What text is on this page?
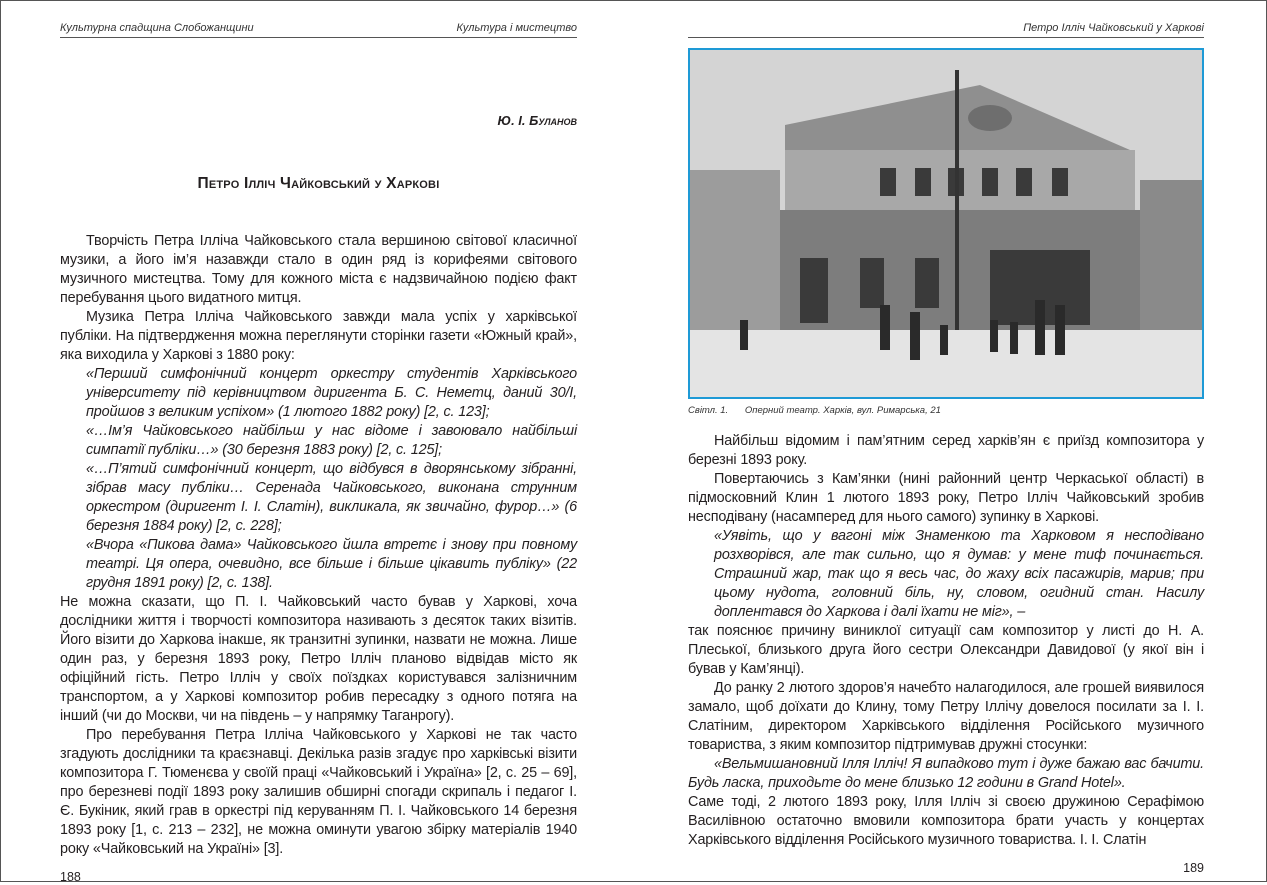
Культурна спадщина Слобожанщини	Культура і мистецтво
Ю. І. Буланов
Петро Ілліч Чайковський у Харкові

Творчість Петра Ілліча Чайковського стала вершиною світової класичної музики, а його ім’я назавжди стало в один ряд із корифеями світового музичного мистецтва. Тому для кожного міста є надзвичайною подією факт перебування цього видатного митця.

Музика Петра Ілліча Чайковського завжди мала успіх у харківської публіки. На підтвердження можна переглянути сторінки газети «Южный край», яка виходила у Харкові з 1880 року:

«Перший симфонічний концерт оркестру студентів Харківського університету під керівництвом диригента Б. С. Неметц, даний 30/І, пройшов з великим успіхом» (1 лютого 1882 року) [2, с. 123];

«…Ім’я Чайковського найбільш у нас відоме і завоювало найбільші симпатії публіки…» (30 березня 1883 року) [2, с. 125];

«…П’ятий симфонічний концерт, що відбувся в дворянському зібранні, зібрав масу публіки… Серенада Чайковського, виконана струнним оркестром (диригент І. І. Слатін), викликала, як звичайно, фурор…» (6 березня 1884 року) [2, с. 228];

«Вчора «Пикова дама» Чайковського йшла втретє і знову при повному театрі. Ця опера, очевидно, все більше і більше цікавить публіку» (22 грудня 1891 року) [2, с. 138].

Не можна сказати, що П. І. Чайковський часто бував у Харкові, хоча дослідники життя і творчості композитора називають з десяток таких візитів. Його візити до Харкова інакше, як транзитні зупинки, назвати не можна. Лише один раз, у березня 1893 року, Петро Ілліч планово відвідав місто як офіційний гість. Петро Ілліч у своїх поїздках користувався залізничним транспортом, а у Харкові композитор робив пересадку з одного потяга на інший (чи до Москви, чи на південь – у напрямку Таганрогу).

Про перебування Петра Ілліча Чайковського у Харкові не так часто згадують дослідники та краєзнавці. Декілька разів згадує про харківські візити композитора Г. Тюменєва у своїй праці «Чайковський і Україна» [2, с. 25 – 69], про березневі події 1893 року залишив обширні спогади скрипаль і педагог І. Є. Букiник, який грав в оркестрі під керуванням П. І. Чайковського 14 березня 1893 року [1, с. 213 – 232], не можна оминути увагою збірку матеріалів 1940 року «Чайковський на Україні» [3].

188
Петро Ілліч Чайковський у Харкові
Світл. 1. Оперний театр. Харків, вул. Римарська, 21

Найбільш відомим і пам’ятним серед харків’ян є приїзд композитора у березні 1893 року.

Повертаючись з Кам’янки (нині районний центр Черкаської області) в підмосковний Клин 1 лютого 1893 року, Петро Ілліч Чайковський зробив несподівану (насамперед для нього самого) зупинку в Харкові.

«Уявіть, що у вагоні між Знаменкою та Харковом я несподівано розхворівся, але так сильно, що я думав: у мене тиф починається. Страшний жар, так що я весь час, до жаху всіх пасажирів, марив; при цьому нудота, головний біль, ну, словом, огидний стан. Насилу доплентався до Харкова і далі їхати не міг», –

так пояснює причину виниклої ситуації сам композитор у листі до Н. А. Плеської, близького друга його сестри Олександри Давидової (у якої він і бував у Кам’янці).

До ранку 2 лютого здоров’я начебто налагодилося, але грошей виявилося замало, щоб доїхати до Клину, тому Петру Іллічу довелося посилати за І. І. Слатіним, директором Харківського відділення Російського музичного товариства, з яким композитор підтримував дружні стосунки:

«Вельмишановний Ілля Ілліч! Я випадково тут і дуже бажаю вас бачити. Будь ласка, приходьте до мене близько 12 години в Grand Hotel».

Саме тоді, 2 лютого 1893 року, Ілля Ілліч зі своєю дружиною Серафімою Василівною остаточно вмовили композитора брати участь у концертах Харківського відділення Російського музичного товариства. І. І. Слатін

189
